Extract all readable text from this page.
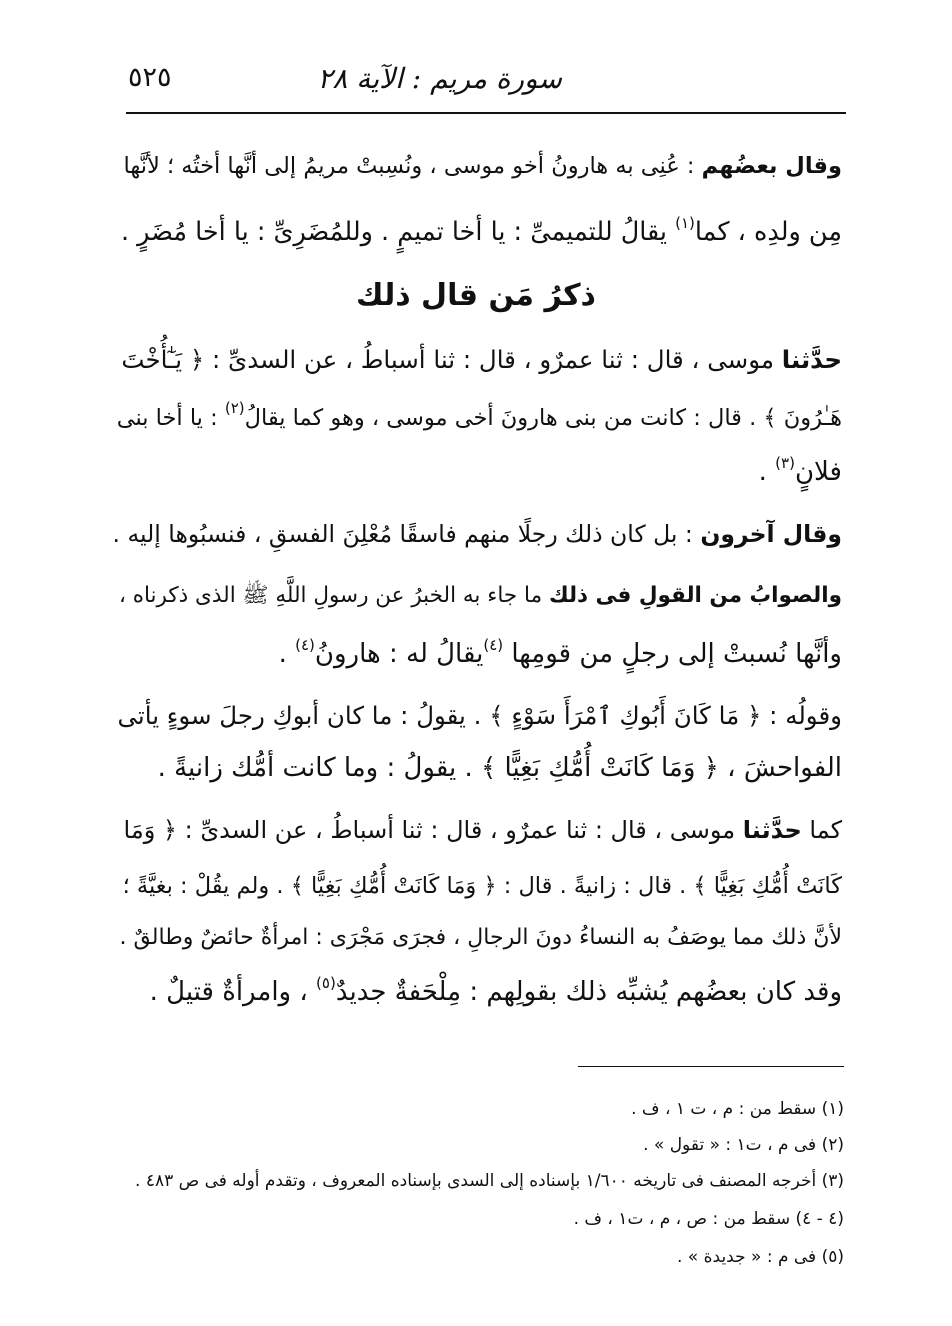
سورة مريم : الآية ٢٨
٥٢٥
وقال بعضُهم : عُنِى به هارونُ أخو موسى ، ونُسِبتْ مريمُ إلى أنَّها أختُه ؛ لأنَّها
مِن ولدِه ، كما$^{(١)}$ يقالُ للتميمىِّ : يا أخا تميمٍ . وللمُضَرِىِّ : يا أخا مُضَرٍ .
ذكرُ مَن قال ذلك
حدَّثنا موسى ، قال : ثنا عمرٌو ، قال : ثنا أسباطُ ، عن السدىِّ : ﴿ يَـٰٓأُخْتَ
هَـٰرُونَ ﴾ . قال : كانت من بنى هارونَ أخى موسى ، وهو كما يقالُ$^{(٢)}$ : يا أخا بنى
فلانٍ$^{(٣)}$ .
وقال آخرون : بل كان ذلك رجلًا منهم فاسقًا مُعْلِنَ الفسقِ ، فنسبُوها إليه .
والصوابُ من القولِ فى ذلك ما جاء به الخبرُ عن رسولِ اللَّهِ ﷺ الذى ذكرناه ،
وأنَّها نُسبتْ إلى رجلٍ من قومِها $^{(٤)}$يقالُ له : هارونُ$^{(٤)}$ .
وقولُه : ﴿ مَا كَانَ أَبُوكِ ٱمْرَأَ سَوْءٍ ﴾ . يقولُ : ما كان أبوكِ رجلَ سوءٍ يأتى
الفواحشَ ، ﴿ وَمَا كَانَتْ أُمُّكِ بَغِيًّا ﴾ . يقولُ : وما كانت أمُّك زانيةً .
كما حدَّثنا موسى ، قال : ثنا عمرٌو ، قال : ثنا أسباطُ ، عن السدىِّ : ﴿ وَمَا
كَانَتْ أُمُّكِ بَغِيًّا ﴾ . قال : زانيةً . قال : ﴿ وَمَا كَانَتْ أُمُّكِ بَغِيًّا ﴾ . ولم يقُلْ : بغيَّةً ؛
لأنَّ ذلك مما يوصَفُ به النساءُ دونَ الرجالِ ، فجرَى مَجْرَى : امرأةٌ حائضٌ وطالقٌ .
وقد كان بعضُهم يُشبِّه ذلك بقولِهم : مِلْحَفةٌ جديدٌ$^{(٥)}$ ، وامرأةٌ قتيلٌ .
(١) سقط من : م ، ت ١ ، ف .
(٢) فى م ، ت١ : « تقول » .
(٣) أخرجه المصنف فى تاريخه ١/٦٠٠ بإسناده إلى السدى بإسناده المعروف ، وتقدم أوله فى ص ٤٨٣ .
(٤ - ٤) سقط من : ص ، م ، ت١ ، ف .
(٥) فى م : « جديدة » .
